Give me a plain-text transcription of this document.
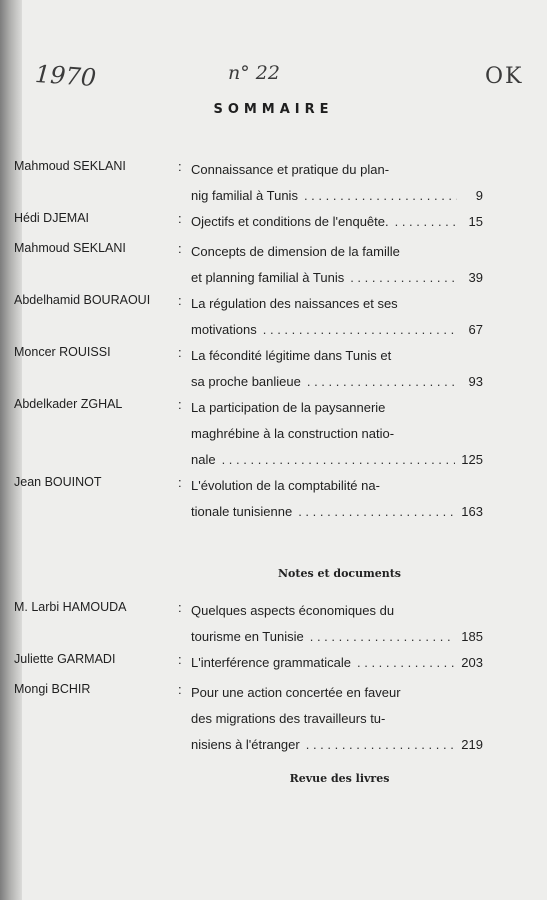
1970	n° 22	OK
SOMMAIRE
Mahmoud SEKLANI	: Connaissance et pratique du plan-
nig familial à Tunis . . .	9
Hédi DJEMAI	: Ojectifs et conditions de l'enquête. . . .	15
Mahmoud SEKLANI	: Concepts de dimension de la famille
et planning familial à Tunis . . .	39
Abdelhamid BOURAOUI : La régulation des naissances et ses
motivations . . .	67
Moncer ROUISSI	: La fécondité légitime dans Tunis et
sa proche banlieue . . .	93
Abdelkader ZGHAL	: La participation de la paysannerie
maghrébine à la construction natio-
nale . . .	125
Jean BOUINOT	: L'évolution de la comptabilité na-
tionale tunisienne . . .	163
Notes et documents
M. Larbi HAMOUDA	: Quelques aspects économiques du
tourisme en Tunisie . . .	185
Juliette GARMADI	: L'interférence grammaticale . . .	203
Mongi BCHIR	: Pour une action concertée en faveur
des migrations des travailleurs tu-
nisiens à l'étranger . . .	219
Revue des livres
